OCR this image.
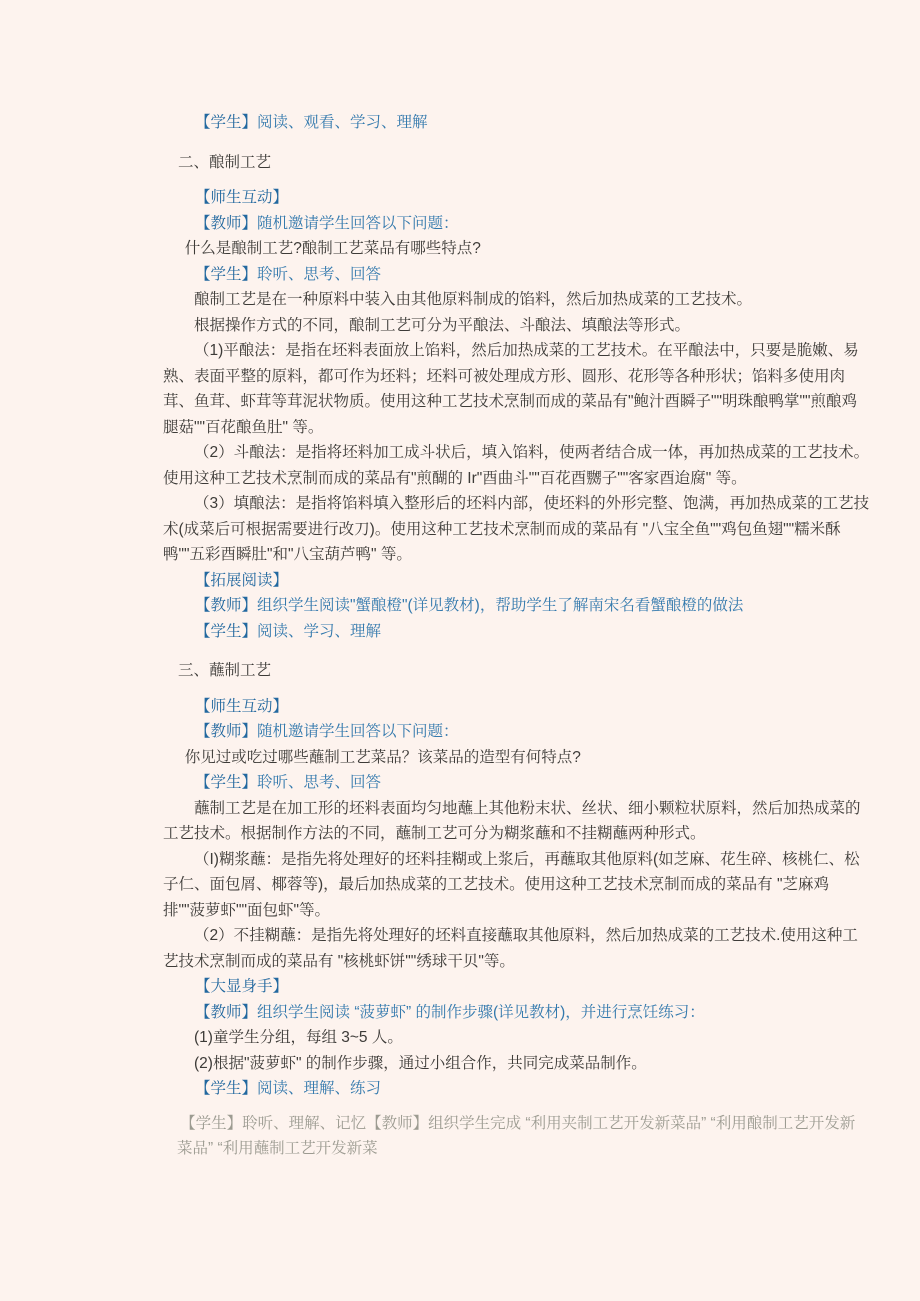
【学生】阅读、观看、学习、理解

二、酿制工艺

【师生互动】

【教师】随机邀请学生回答以下问题：

什么是酿制工艺?酿制工艺菜品有哪些特点?

【学生】聆听、思考、回答

酿制工艺是在一种原料中装入由其他原料制成的馅料，然后加热成菜的工艺技术。

根据操作方式的不同，酿制工艺可分为平酿法、斗酿法、填酿法等形式。

（1)平酿法：是指在坯料表面放上馅料，然后加热成菜的工艺技术。在平酿法中，只要是脆嫩、易熟、表面平整的原料，都可作为坯料；坯料可被处理成方形、圆形、花形等各种形状；馅料多使用肉茸、鱼茸、虾茸等茸泥状物质。使用这种工艺技术烹制而成的菜品有"鲍汁酉瞬子""明珠酿鸭掌""煎酿鸡腿菇""百花酿鱼肚" 等。

（2）斗酿法：是指将坯料加工成斗状后，填入馅料，使两者结合成一体，再加热成菜的工艺技术。使用这种工艺技术烹制而成的菜品有"煎醐的 Ir"酉曲斗""百花酉嬲子""客家酉迨腐" 等。

（3）填酿法：是指将馅料填入整形后的坯料内部，使坯料的外形完整、饱满，再加热成菜的工艺技术(成菜后可根据需要进行改刀)。使用这种工艺技术烹制而成的菜品有 "八宝全鱼""鸡包鱼翅""糯米酥鸭""五彩酉瞬肚"和"八宝葫芦鸭" 等。

【拓展阅读】

【教师】组织学生阅读"蟹酿橙"(详见教材)，帮助学生了解南宋名看蟹酿橙的做法

【学生】阅读、学习、理解

三、蘸制工艺

【师生互动】

【教师】随机邀请学生回答以下问题：

你见过或吃过哪些蘸制工艺菜品？该菜品的造型有何特点?

【学生】聆听、思考、回答

蘸制工艺是在加工形的坯料表面均匀地蘸上其他粉末状、丝状、细小颗粒状原料，然后加热成菜的工艺技术。根据制作方法的不同，蘸制工艺可分为糊浆蘸和不挂糊蘸两种形式。

（I)糊浆蘸：是指先将处理好的坯料挂糊或上浆后，再蘸取其他原料(如芝麻、花生碎、核桃仁、松子仁、面包屑、椰蓉等)，最后加热成菜的工艺技术。使用这种工艺技术烹制而成的菜品有 "芝麻鸡排""菠萝虾""面包虾"等。

（2）不挂糊蘸：是指先将处理好的坯料直接蘸取其他原料，然后加热成菜的工艺技术.使用这种工艺技术烹制而成的菜品有 "核桃虾饼""绣球干贝"等。

【大显身手】

【教师】组织学生阅读 “菠萝虾” 的制作步骤(详见教材)，并进行烹饪练习：

(1)童学生分组，每组 3~5 人。

(2)根据"菠萝虾" 的制作步骤，通过小组合作，共同完成菜品制作。

【学生】阅读、理解、练习

【学生】聆听、理解、记忆【教师】组织学生完成 “利用夹制工艺开发新菜品” “利用酿制工艺开发新菜品” “利用蘸制工艺开发新菜
